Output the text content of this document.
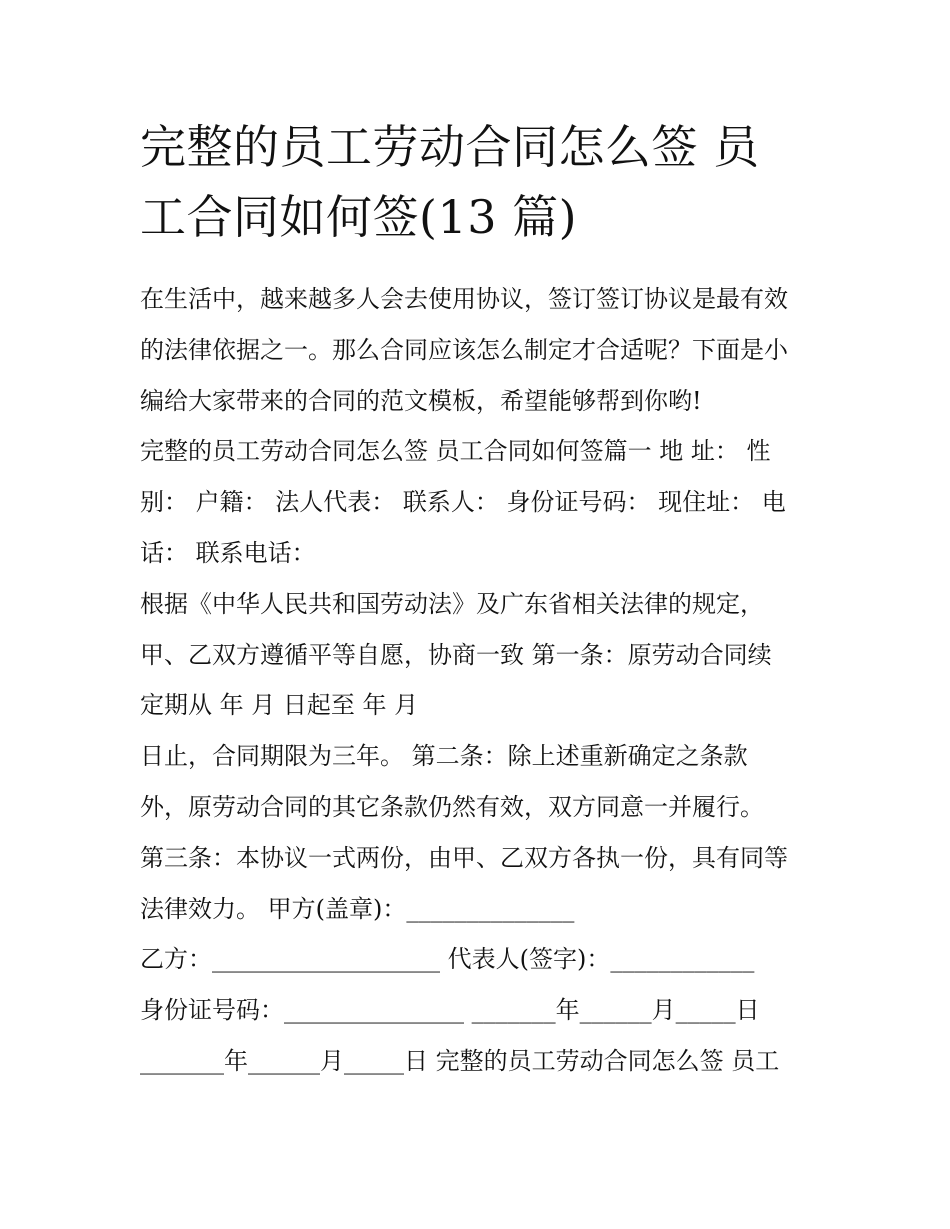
完整的员工劳动合同怎么签 员
工合同如何签(13 篇)
在生活中，越来越多人会去使用协议，签订签订协议是最有效
的法律依据之一。那么合同应该怎么制定才合适呢？下面是小
编给大家带来的合同的范文模板，希望能够帮到你哟!
完整的员工劳动合同怎么签 员工合同如何签篇一 地 址： 性
别： 户籍： 法人代表： 联系人： 身份证号码： 现住址： 电
话： 联系电话：
根据《中华人民共和国劳动法》及广东省相关法律的规定，
甲、乙双方遵循平等自愿，协商一致 第一条：原劳动合同续
定期从 年 月 日起至 年 月
日止，合同期限为三年。 第二条：除上述重新确定之条款
外，原劳动合同的其它条款仍然有效，双方同意一并履行。
第三条：本协议一式两份，由甲、乙双方各执一份，具有同等
法律效力。 甲方(盖章)：______________
乙方：___________________ 代表人(签字)：____________
身份证号码：_______________ _______年______月_____日
_______年______月_____日 完整的员工劳动合同怎么签 员工
